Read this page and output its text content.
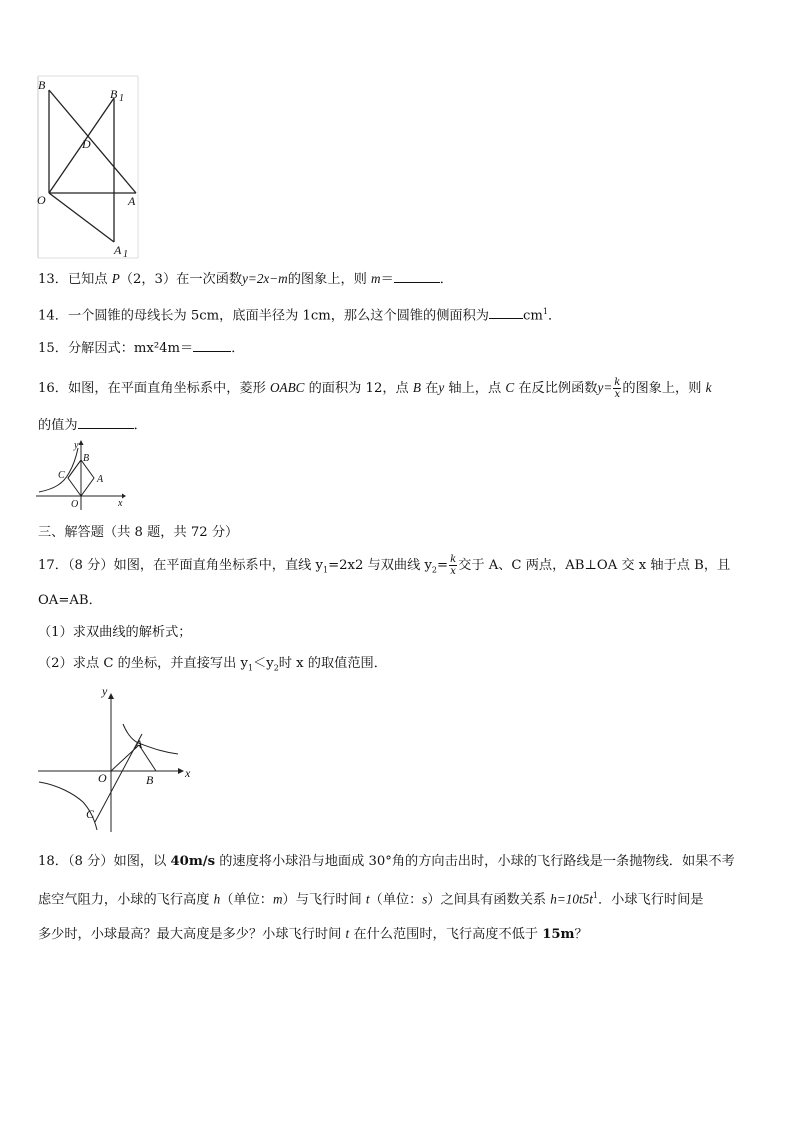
B
B 1
D
O	A
A 1
13．已知点 P（2，3）在一次函数y=2x−m的图象上，则 m＝	．
14．一个圆锥的母线长为 5cm，底面半径为 1cm，那么这个圆锥的侧面积为	$cm^1$．
15．分解因式：mx²4m＝	．
16．如图，在平面直角坐标系中，菱形 OABC 的面积为 12，点 B 在y 轴上，点 C 在反比例函数$y= \frac{k}{x}$ 的图象上，则 k
的值为	．
y
x
B
C	A
O
三、解答题（共 8 题，共 72 分）
17．（8 分）如图，在平面直角坐标系中，直线 $y_1=2x2$ 与双曲线 $y_2= \frac{k}{x}$ 交于 A、C 两点，AB⊥OA 交 x 轴于点 B，且
OA=AB．
（1）求双曲线的解析式；
（2）求点 C 的坐标，并直接写出 $y_1<y_2$时 x 的取值范围．
y
x
A
B
O
C
18．（8 分）如图，以 40m/s 的速度将小球沿与地面成 30°角的方向击出时，小球的飞行路线是一条抛物线．如果不考
虑空气阻力，小球的飞行高度 h（单位：m）与飞行时间 t（单位：s）之间具有函数关系 $h=10t5t^1$．小球飞行时间是
多少时，小球最高？最大高度是多少？小球飞行时间 t 在什么范围时，飞行高度不低于 15m？
